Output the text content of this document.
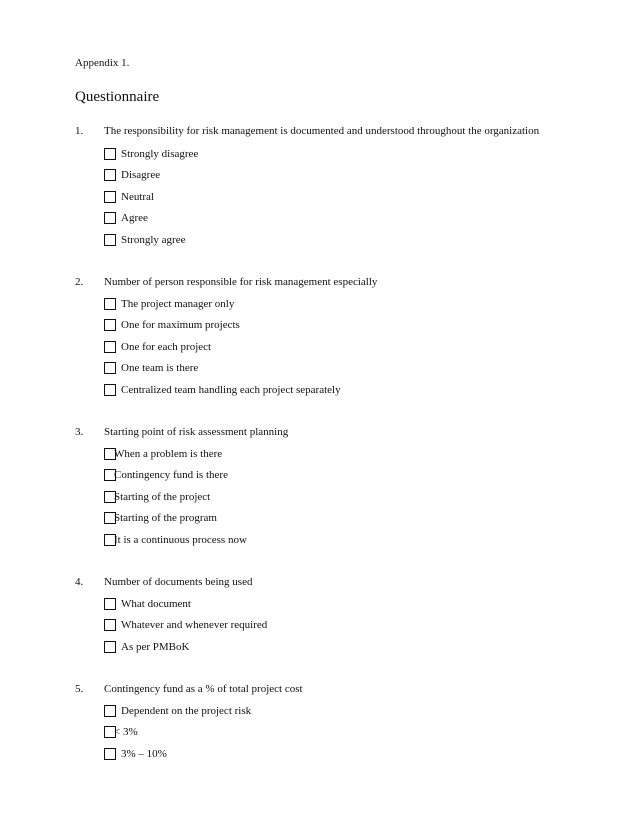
Appendix 1.
Questionnaire
1. The responsibility for risk management is documented and understood throughout the organization
Strongly disagree
Disagree
Neutral
Agree
Strongly agree
2. Number of person responsible for risk management especially
The project manager only
One for maximum projects
One for each project
One team is there
Centralized team handling each project separately
3. Starting point of risk assessment planning
When a problem is there
Contingency fund is there
Starting of the project
Starting of the program
It is a continuous process now
4. Number of documents being used
What document
Whatever and whenever required
As per PMBoK
5. Contingency fund as a % of total project cost
Dependent on the project risk
< 3%
3% – 10%
